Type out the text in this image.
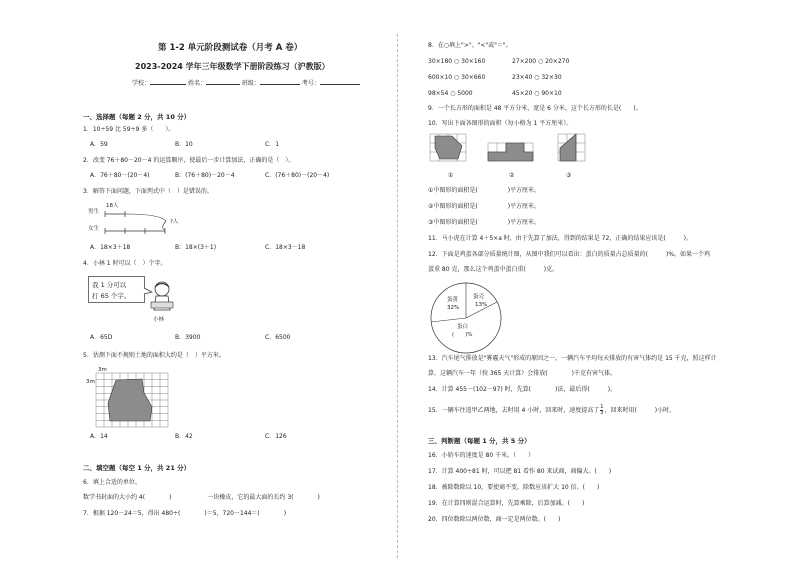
第 1-2 单元阶段测试卷（月考 A 卷）
2023-2024 学年三年级数学下册阶段练习（沪教版）
学校：	姓名：	班级：	考号：
一、选择题（每题 2 分，共 10 分）
1．10÷59 比 59÷9 多（　　）。
A．59	B．10	C．1
2．改变 76＋80－20－4 的运算顺序，使最后一步计算加法，正确的是（　）。
A．76＋80－(20－4)	B．(76＋80)－20－4	C．(76＋80)－(20－4)
3．解答下面问题，下面列式中（　）是错误的。
男生
女生
18人
?人
A．18×3＋18	B．18×(3＋1)	C．18×3－18
4．小林 1 时可以（　）个字。
我 1 分可以
打 65 个字。
小林
A．65D	B．3900	C．6500
5．估测下面不规则土地的面积大约是（　）平方米。
3m
3m
A．14	B．42	C．126
二、填空题（每空 1 分，共 21 分）
6．填上合适的单位。
数学书封面的大小约 4(　　　　)　　　　　　一块橡皮，它的最大面的长约 3(　　　　)
7．根据 120－24＝5，得出 480÷(　　　　)＝5，720－144＝(　　　　)
8．在○填上">"、"<"或"＝"。
30×180 ○ 30×160	27×200 ○ 20×270
600×10 ○ 30×660	23×40 ○ 32×30
98×54 ○ 5000	45×20 ○ 90×10
9．一个长方形的面积是 48 平方分米，宽是 6 分米，这个长方形的长是(　　)。
10．写出下面各图形的面积（每小格为 1 平方厘米）。
①	②	③
①中图形的面积是(　　　　　)平方厘米。
②中图形的面积是(　　　　　)平方厘米。
③中图形的面积是(　　　　　)平方厘米。
11．马小虎在计算 4＋5×a 时，由于先算了加法，得到的结果是 72，正确的结果应该是(　　　)。
12．下面是鸡蛋各部分质量统计图，从图中我们可以看出：蛋白的质量占总质量的(　　　)%。如果一个鸡
蛋重 80 克，那么这个鸡蛋中蛋白重(　　　)克。
蛋黄
32%
蛋壳
13%
蛋白
(　　)%
13．汽车尾气排放是"雾霾天气"形成的原因之一。一辆汽车平均每天排放的有害气体约是 15 千克，照这样计
算，这辆汽车一年（按 365 天计算）会排放(　　　　)千克有害气体。
14．计算 455－(102－97) 时，先算(　　　　)法，最后得(　　　)。
15．一辆车往返甲乙两地，去时用 4 小时，回来时，速度提高了 $\frac{1}{3}$ ，回来时用(　　　)小时。
三、判断题（每题 1 分，共 5 分）
16．小轿车的速度是 80 千米。（　　）
17．计算 400÷81 时，可以把 81 看作 80 来试商，商偏大。(　　)
18．被除数除以 10，要使商不变，除数应该扩大 10 倍。(　　)
19．在计算四则混合运算时，先算乘除，后算加减。(　　)
20．四位数除以两位数，商一定是两位数。(　　)
